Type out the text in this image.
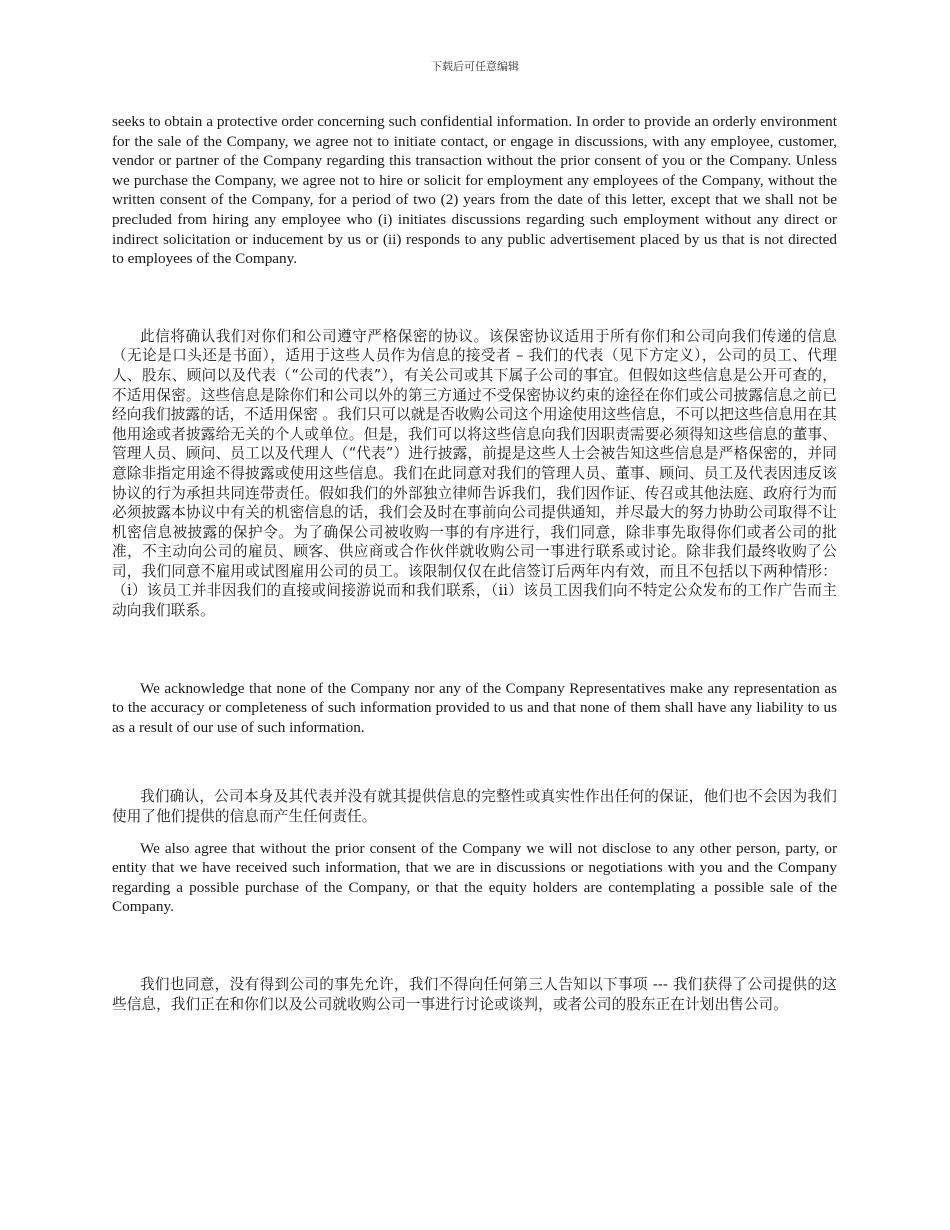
下载后可任意编辑

seeks to obtain a protective order concerning such confidential information. In order to provide an orderly environment for the sale of the Company, we agree not to initiate contact, or engage in discussions, with any employee, customer, vendor or partner of the Company regarding this transaction without the prior consent of you or the Company. Unless we purchase the Company, we agree not to hire or solicit for employment any employees of the Company, without the written consent of the Company, for a period of two (2) years from the date of this letter, except that we shall not be precluded from hiring any employee who (i) initiates discussions regarding such employment without any direct or indirect solicitation or inducement by us or (ii) responds to any public advertisement placed by us that is not directed to employees of the Company.

此信将确认我们对你们和公司遵守严格保密的协议。该保密协议适用于所有你们和公司向我们传递的信息（无论是口头还是书面），适用于这些人员作为信息的接受者 – 我们的代表（见下方定义），公司的员工、代理人、股东、顾问以及代表（“公司的代表”），有关公司或其下属子公司的事宜。但假如这些信息是公开可查的，不适用保密。这些信息是除你们和公司以外的第三方通过不受保密协议约束的途径在你们或公司披露信息之前已经向我们披露的话，不适用保密 。我们只可以就是否收购公司这个用途使用这些信息，不可以把这些信息用在其他用途或者披露给无关的个人或单位。但是，我们可以将这些信息向我们因职责需要必须得知这些信息的董事、管理人员、顾问、员工以及代理人（“代表”）进行披露，前提是这些人士会被告知这些信息是严格保密的，并同意除非指定用途不得披露或使用这些信息。我们在此同意对我们的管理人员、董事、顾问、员工及代表因违反该协议的行为承担共同连带责任。假如我们的外部独立律师告诉我们，我们因作证、传召或其他法庭、政府行为而必须披露本协议中有关的机密信息的话，我们会及时在事前向公司提供通知，并尽最大的努力协助公司取得不让机密信息被披露的保护令。为了确保公司被收购一事的有序进行，我们同意，除非事先取得你们或者公司的批准，不主动向公司的雇员、顾客、供应商或合作伙伴就收购公司一事进行联系或讨论。除非我们最终收购了公司，我们同意不雇用或试图雇用公司的员工。该限制仅仅在此信签订后两年内有效，而且不包括以下两种情形：（i）该员工并非因我们的直接或间接游说而和我们联系，（ii）该员工因我们向不特定公众发布的工作广告而主动向我们联系。

We acknowledge that none of the Company nor any of the Company Representatives make any representation as to the accuracy or completeness of such information provided to us and that none of them shall have any liability to us as a result of our use of such information.

我们确认，公司本身及其代表并没有就其提供信息的完整性或真实性作出任何的保证，他们也不会因为我们使用了他们提供的信息而产生任何责任。

We also agree that without the prior consent of the Company we will not disclose to any other person, party, or entity that we have received such information, that we are in discussions or negotiations with you and the Company regarding a possible purchase of the Company, or that the equity holders are contemplating a possible sale of the Company.

我们也同意，没有得到公司的事先允许，我们不得向任何第三人告知以下事项 --- 我们获得了公司提供的这些信息，我们正在和你们以及公司就收购公司一事进行讨论或谈判，或者公司的股东正在计划出售公司。
